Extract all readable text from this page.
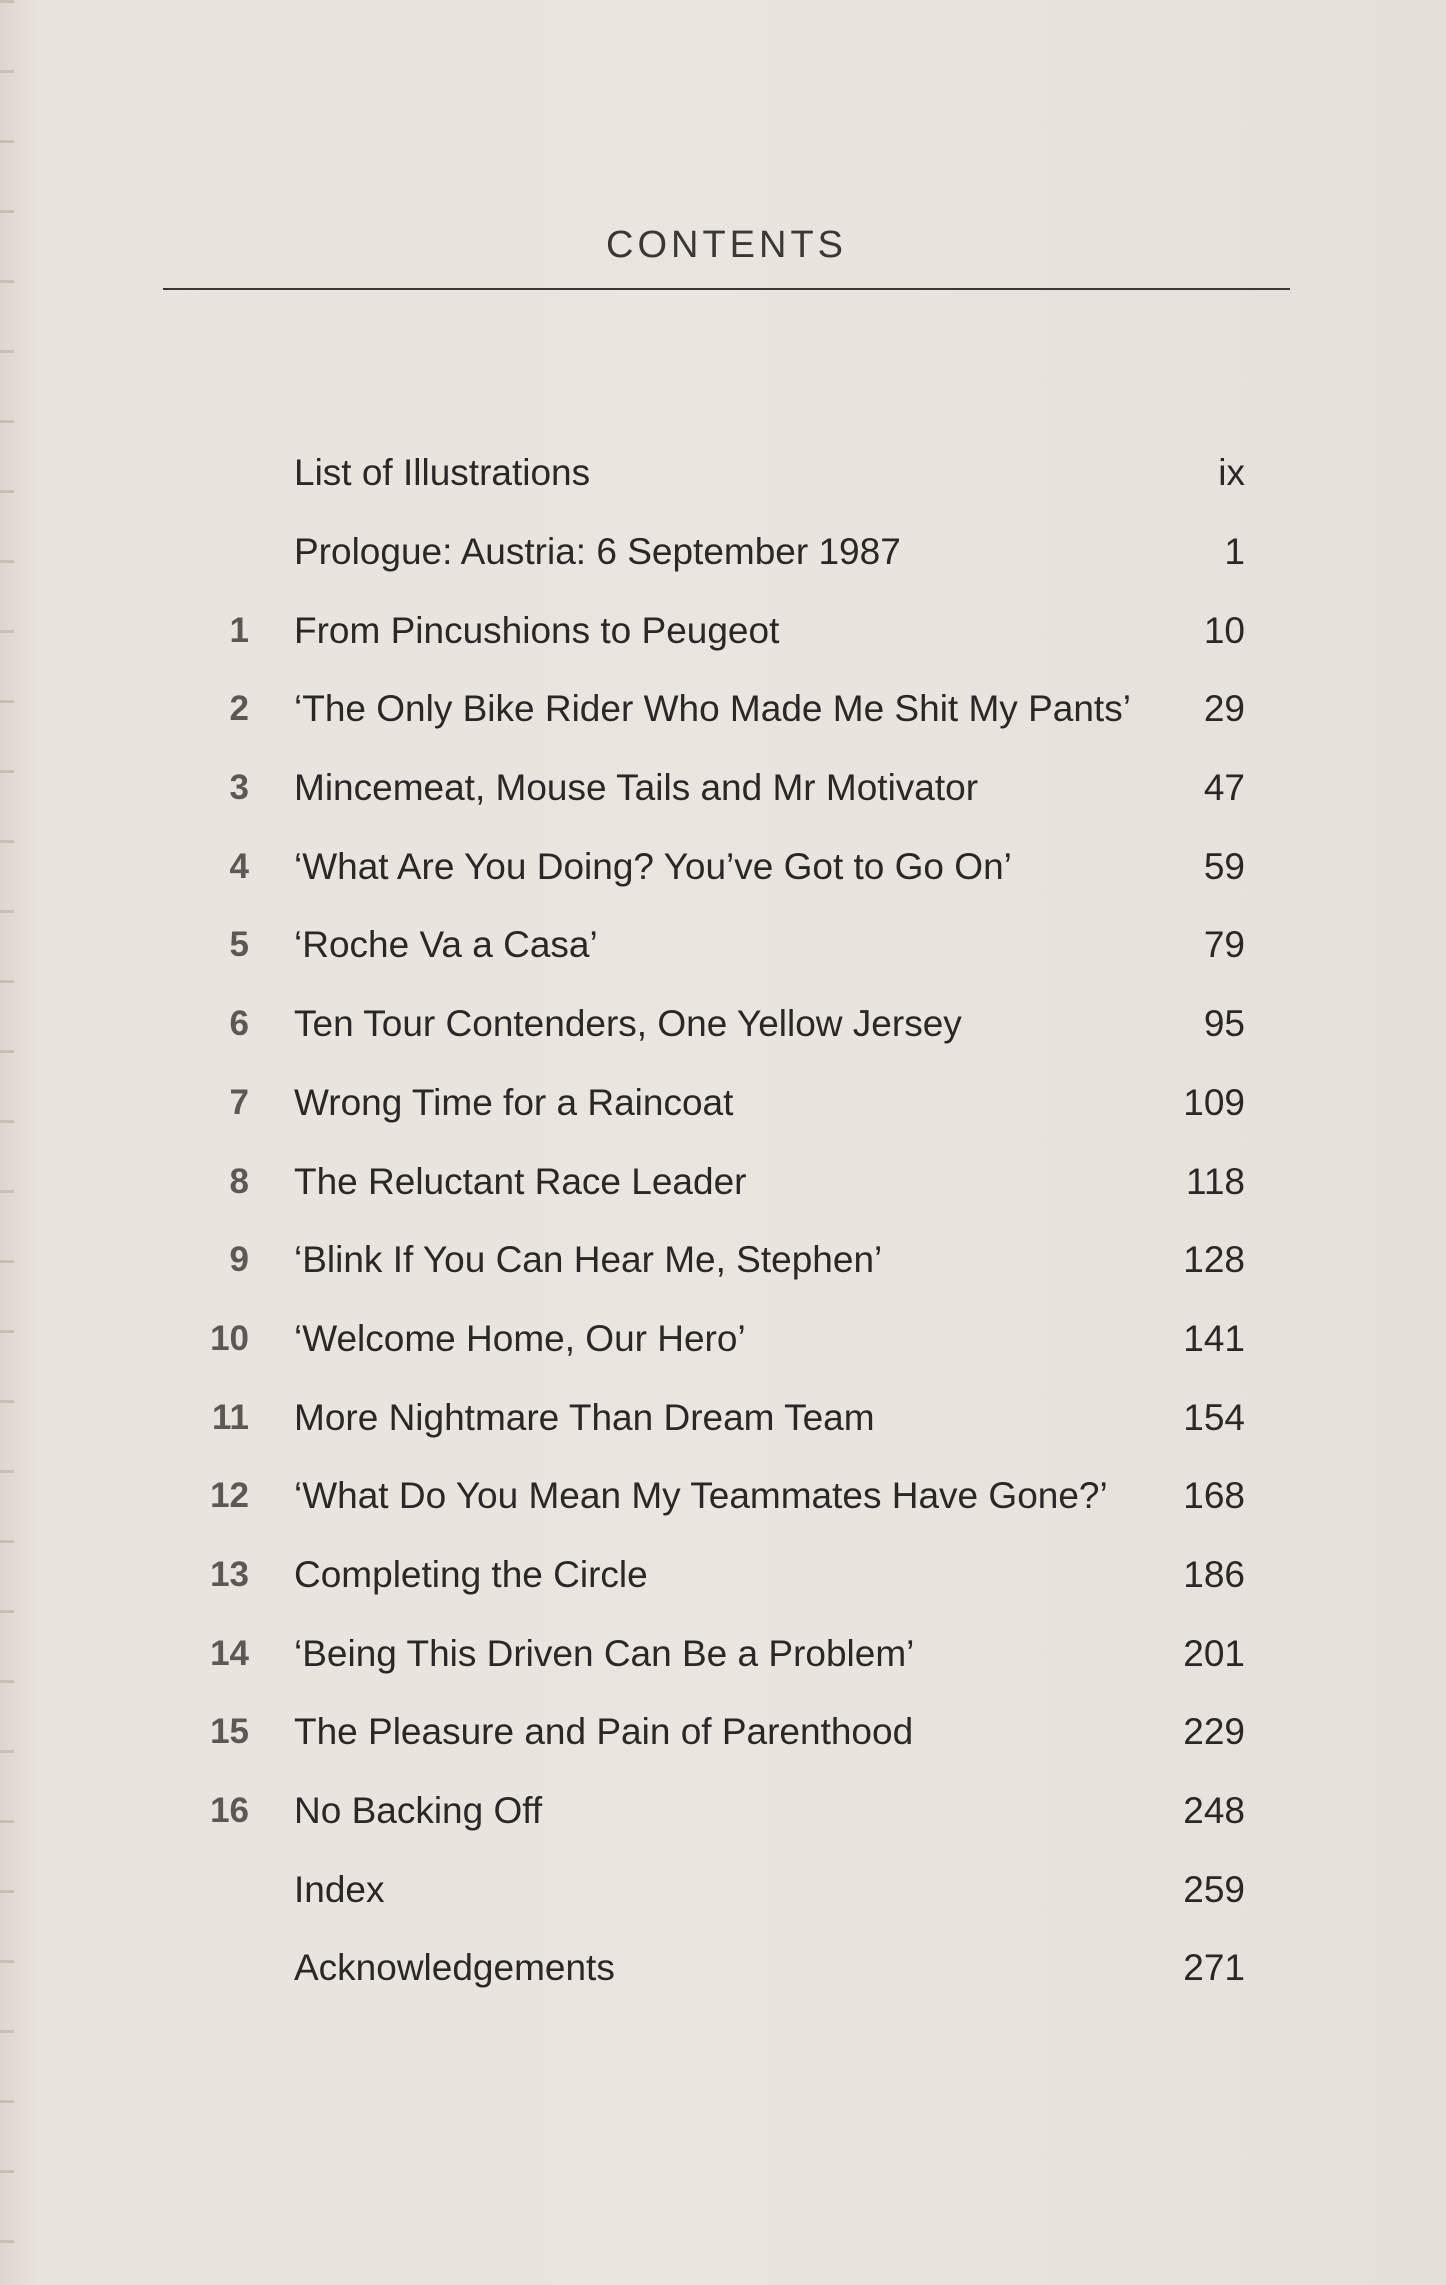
CONTENTS
List of Illustrations	ix
Prologue: Austria: 6 September 1987	1
1 From Pincushions to Peugeot	10
2 ‘The Only Bike Rider Who Made Me Shit My Pants’	29
3 Mincemeat, Mouse Tails and Mr Motivator	47
4 ‘What Are You Doing? You’ve Got to Go On’	59
5 ‘Roche Va a Casa’	79
6 Ten Tour Contenders, One Yellow Jersey	95
7 Wrong Time for a Raincoat	109
8 The Reluctant Race Leader	118
9 ‘Blink If You Can Hear Me, Stephen’	128
10 ‘Welcome Home, Our Hero’	141
11 More Nightmare Than Dream Team	154
12 ‘What Do You Mean My Teammates Have Gone?’	168
13 Completing the Circle	186
14 ‘Being This Driven Can Be a Problem’	201
15 The Pleasure and Pain of Parenthood	229
16 No Backing Off	248
Index	259
Acknowledgements	271
